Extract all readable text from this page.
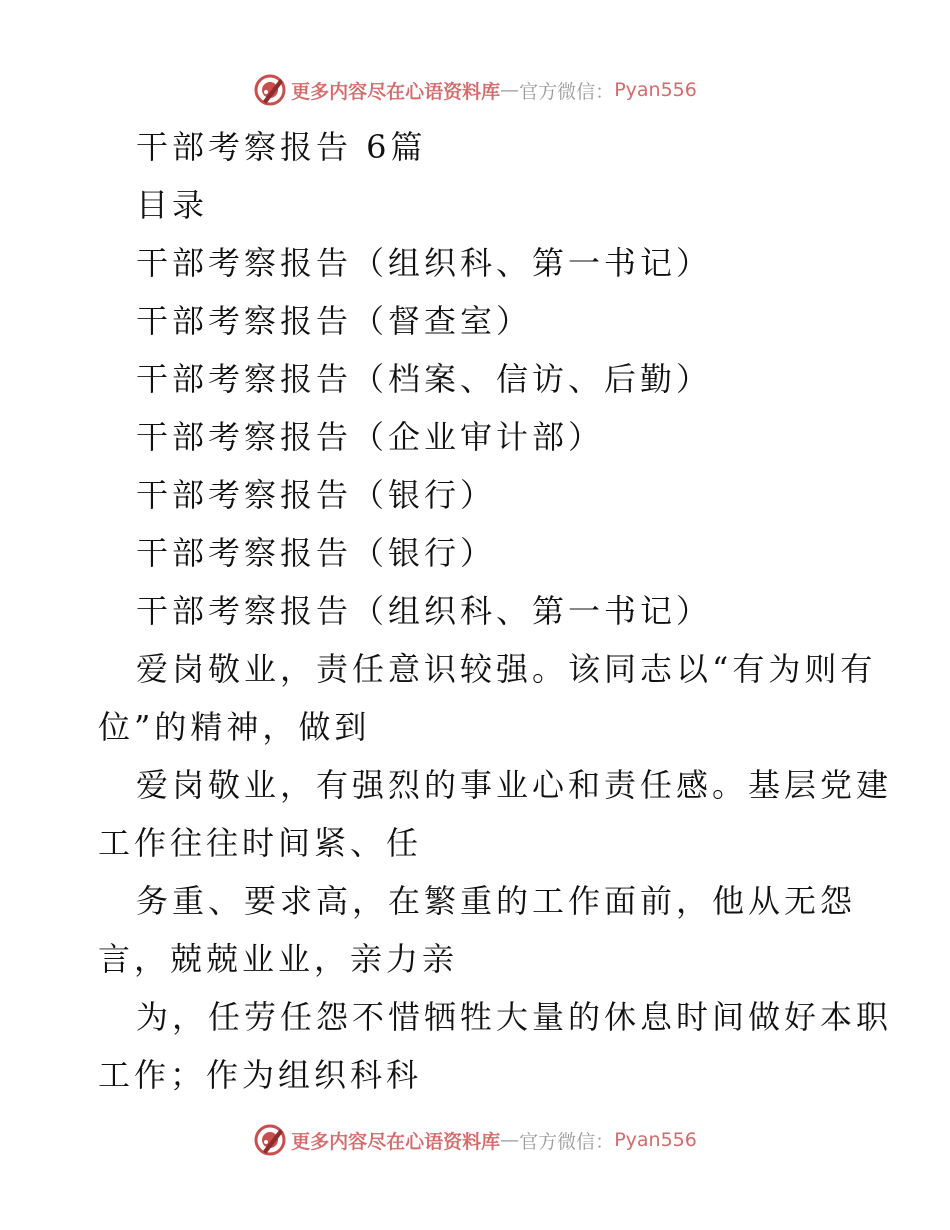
更多内容尽在心语资料库 — 官方微信： Pyan556
干部考察报告 6篇
目录
干部考察报告（组织科、第一书记）
干部考察报告（督查室）
干部考察报告（档案、信访、后勤）
干部考察报告（企业审计部）
干部考察报告（银行）
干部考察报告（银行）
干部考察报告（组织科、第一书记）
爱岗敬业，责任意识较强。该同志以“有为则有
位”的精神，做到
爱岗敬业，有强烈的事业心和责任感。基层党建
工作往往时间紧、任
务重、要求高，在繁重的工作面前，他从无怨
言，兢兢业业，亲力亲
为，任劳任怨不惜牺牲大量的休息时间做好本职
工作；作为组织科科
更多内容尽在心语资料库 — 官方微信： Pyan556
